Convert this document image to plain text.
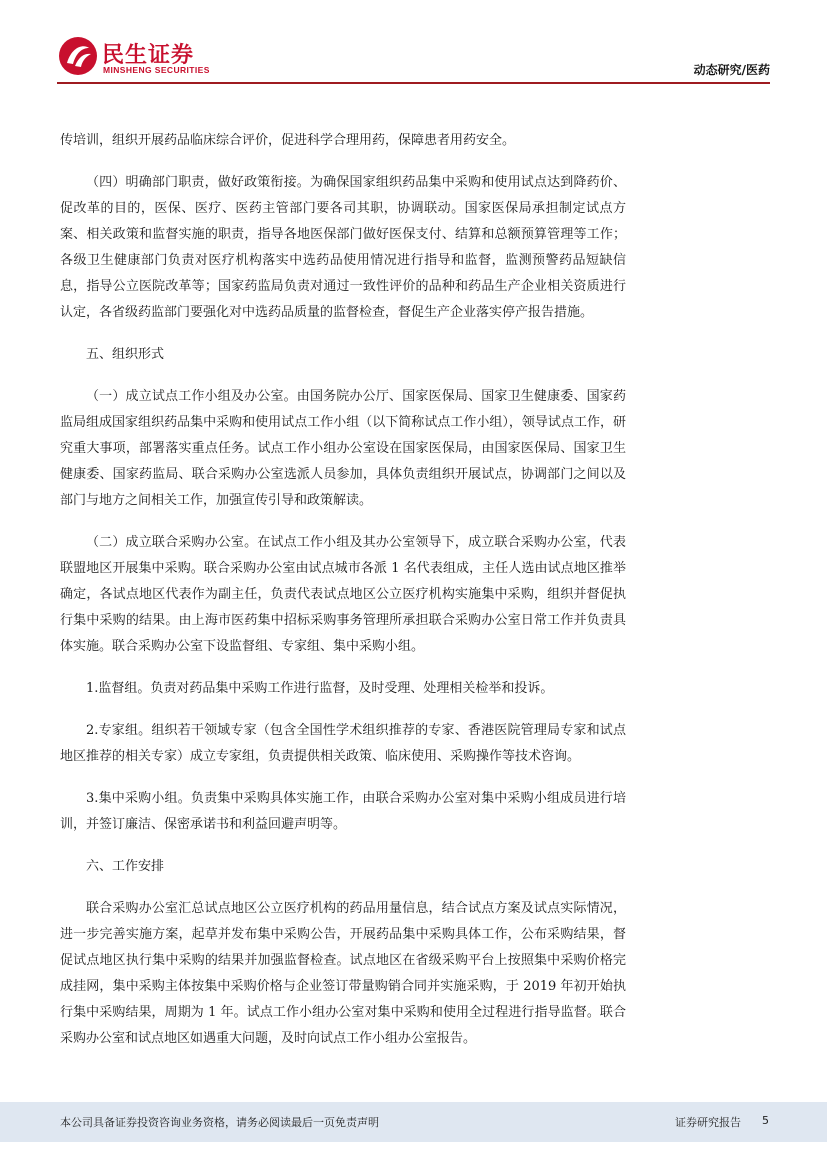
民生证券
MINSHENG SECURITIES	动态研究/医药

传培训，组织开展药品临床综合评价，促进科学合理用药，保障患者用药安全。

（四）明确部门职责，做好政策衔接。为确保国家组织药品集中采购和使用试点达到降药价、促改革的目的，医保、医疗、医药主管部门要各司其职，协调联动。国家医保局承担制定试点方案、相关政策和监督实施的职责，指导各地医保部门做好医保支付、结算和总额预算管理等工作；各级卫生健康部门负责对医疗机构落实中选药品使用情况进行指导和监督，监测预警药品短缺信息，指导公立医院改革等；国家药监局负责对通过一致性评价的品种和药品生产企业相关资质进行认定，各省级药监部门要强化对中选药品质量的监督检查，督促生产企业落实停产报告措施。

五、组织形式

（一）成立试点工作小组及办公室。由国务院办公厅、国家医保局、国家卫生健康委、国家药监局组成国家组织药品集中采购和使用试点工作小组（以下简称试点工作小组），领导试点工作，研究重大事项，部署落实重点任务。试点工作小组办公室设在国家医保局，由国家医保局、国家卫生健康委、国家药监局、联合采购办公室选派人员参加，具体负责组织开展试点，协调部门之间以及部门与地方之间相关工作，加强宣传引导和政策解读。

（二）成立联合采购办公室。在试点工作小组及其办公室领导下，成立联合采购办公室，代表联盟地区开展集中采购。联合采购办公室由试点城市各派 1 名代表组成，主任人选由试点地区推举确定，各试点地区代表作为副主任，负责代表试点地区公立医疗机构实施集中采购，组织并督促执行集中采购的结果。由上海市医药集中招标采购事务管理所承担联合采购办公室日常工作并负责具体实施。联合采购办公室下设监督组、专家组、集中采购小组。

1.监督组。负责对药品集中采购工作进行监督，及时受理、处理相关检举和投诉。

2.专家组。组织若干领域专家（包含全国性学术组织推荐的专家、香港医院管理局专家和试点地区推荐的相关专家）成立专家组，负责提供相关政策、临床使用、采购操作等技术咨询。

3.集中采购小组。负责集中采购具体实施工作，由联合采购办公室对集中采购小组成员进行培训，并签订廉洁、保密承诺书和利益回避声明等。

六、工作安排

联合采购办公室汇总试点地区公立医疗机构的药品用量信息，结合试点方案及试点实际情况，进一步完善实施方案，起草并发布集中采购公告，开展药品集中采购具体工作，公布采购结果，督促试点地区执行集中采购的结果并加强监督检查。试点地区在省级采购平台上按照集中采购价格完成挂网，集中采购主体按集中采购价格与企业签订带量购销合同并实施采购，于 2019 年初开始执行集中采购结果，周期为 1 年。试点工作小组办公室对集中采购和使用全过程进行指导监督。联合采购办公室和试点地区如遇重大问题，及时向试点工作小组办公室报告。

本公司具备证券投资咨询业务资格，请务必阅读最后一页免责声明	证券研究报告 5
